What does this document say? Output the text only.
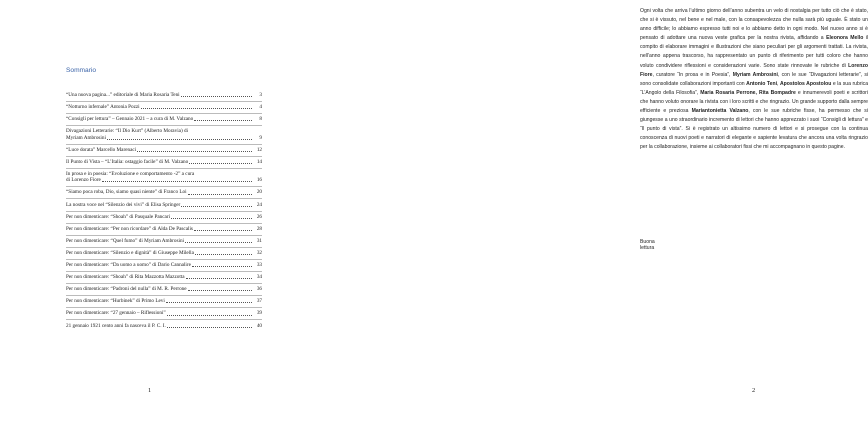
Sommario
“Una nuova pagina...” editoriale di Maria Rosaria Teni	3
“Notturno infernale” Antonia Pozzi	4
“Consigli per lettura” – Gennaio 2021 – a cura di M. Valzano	8
Divagazioni Letterarie: “Il Dio Kurt” (Alberto Moravia) di
Myriam Ambrosini	9
“Luce dorata” Marcello Marenaci	12
Il Punto di Vista – “L’Italia: ostaggio facile” di M. Valzano	14
In prosa e in poesia: “Evoluzione e comportamento -2” a cura
di Lorenzo Fiore	16
“Siamo poca roba, Dio, siamo quasi niente” di Franco Loi	20
La nostra voce nel “Silenzio dei vivi” di Elisa Springer	24
Per non dimenticare: “Shoah” di Pasquale Pancari	26
Per non dimenticare: “Per non ricordare” di Alda De Pascalis	28
Per non dimenticare: “Quel fumo” di Myriam Ambrosini	31
Per non dimenticare: “Silenzio e dignità” di Giuseppe Milella	32
Per non dimenticare: “Da uomo a uomo” di Dario Cannalire	33
Per non dimenticare: “Shoah” di Rita Mazzotta Mazzotta	34
Per non dimenticare: “Padroni del nulla” di M. R. Perrone	36
Per non dimenticare: “Hurbinek” di Primo Levi	37
Per non dimenticare: “27 gennaio – Riflessioni”	39
21 gennaio 1921 cento anni fa nasceva il P. C. I.	40
1
Ogni volta che arriva l’ultimo giorno dell’anno subentra un velo di nostalgia per tutto ciò che è stato, che si è vissuto, nel bene e nel male, con la consapevolezza che nulla sarà più uguale. È stato un anno difficile; lo abbiamo espresso tutti noi e lo abbiamo detto in ogni modo. Nel nuovo anno si è pensato di adottare una nuova veste grafica per la nostra rivista, affidando a Eleonora Mello il compito di elaborare immagini e illustrazioni che siano peculiari per gli argomenti trattati. La rivista, nell’anno appena trascorso, ha rappresentato un punto di riferimento per tutti coloro che hanno voluto condividere riflessioni e considerazioni varie. Sono state rinnovate le rubriche di Lorenzo Fiore, curatore “In prosa e in Poesia”, Myriam Ambrosini, con le sue “Divagazioni letterarie”, si sono consolidate collaborazioni importanti con Antonio Teni, Apostolos Apostolou e la sua rubrica “L’Angolo della Filosofia”, Maria Rosaria Perrone, Rita Bompadre e innumerevoli poeti e scrittori che hanno voluto onorare la rivista con i loro scritti e che ringrazio. Un grande supporto dalla sempre efficiente e preziosa Mariantonietta Valzano, con le sue rubriche fisse, ha permesso che si giungesse a uno straordinario incremento di lettori che hanno apprezzato i suoi “Consigli di lettura” e “Il punto di vista”. Si è registrato un altissimo numero di lettori e si prosegue con la continua conoscenza di nuovi poeti e narratori di elegante e sapiente levatura che ancora una volta ringrazio per la collaborazione, insieme ai collaboratori fissi che mi accompagnano in questo pagine.
Buona lettura
2
